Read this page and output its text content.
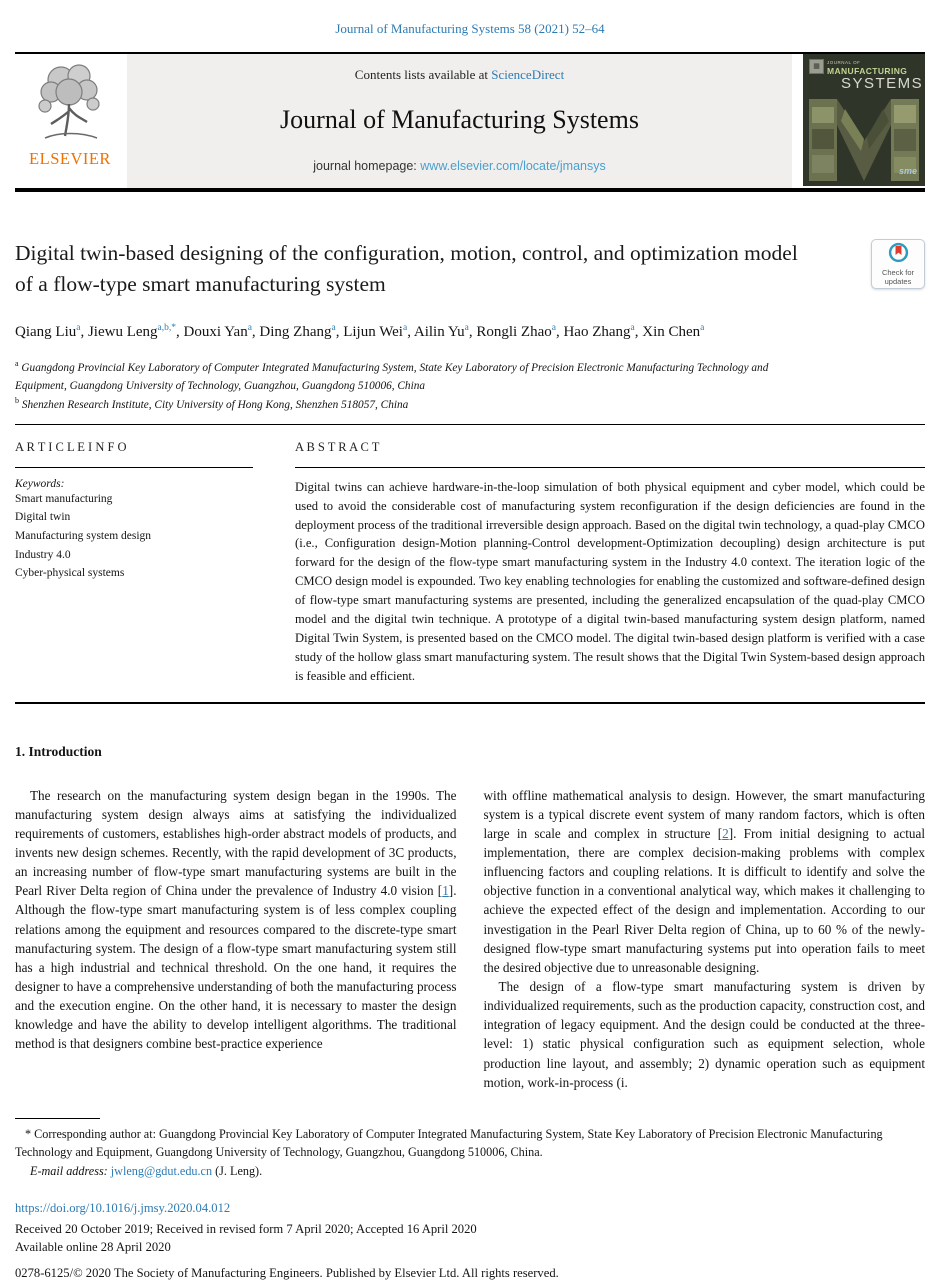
Journal of Manufacturing Systems 58 (2021) 52–64
ELSEVIER
Contents lists available at ScienceDirect
Journal of Manufacturing Systems
journal homepage: www.elsevier.com/locate/jmansys
▦	JOURNAL OF
MANUFACTURING
SYSTEMS
sme
Check for
updates
Digital twin-based designing of the configuration, motion, control, and optimization model of a flow-type smart manufacturing system
Qiang Liu$^a$, Jiewu Leng$^{a,b,*}$, Douxi Yan$^a$, Ding Zhang$^a$, Lijun Wei$^a$, Ailin Yu$^a$, Rongli Zhao$^a$, Hao Zhang$^a$, Xin Chen$^a$
$^a$ Guangdong Provincial Key Laboratory of Computer Integrated Manufacturing System, State Key Laboratory of Precision Electronic Manufacturing Technology and Equipment, Guangdong University of Technology, Guangzhou, Guangdong 510006, China
$^b$ Shenzhen Research Institute, City University of Hong Kong, Shenzhen 518057, China
A R T I C L E I N F O
Keywords:
Smart manufacturing
Digital twin
Manufacturing system design
Industry 4.0
Cyber-physical systems
A B S T R A C T
Digital twins can achieve hardware-in-the-loop simulation of both physical equipment and cyber model, which could be used to avoid the considerable cost of manufacturing system reconfiguration if the design deficiencies are found in the deployment process of the traditional irreversible design approach. Based on the digital twin technology, a quad-play CMCO (i.e., Configuration design-Motion planning-Control development-Optimization decoupling) design architecture is put forward for the design of the flow-type smart manufacturing system in the Industry 4.0 context. The iteration logic of the CMCO design model is expounded. Two key enabling technologies for enabling the customized and software-defined design of flow-type smart manufacturing systems are presented, including the generalized encapsulation of the quad-play CMCO model and the digital twin technique. A prototype of a digital twin-based manufacturing system design platform, named Digital Twin System, is presented based on the CMCO model. The digital twin-based design platform is verified with a case study of the hollow glass smart manufacturing system. The result shows that the Digital Twin System-based design approach is feasible and efficient.
1. Introduction

The research on the manufacturing system design began in the 1990s. The manufacturing system design always aims at satisfying the individualized requirements of customers, establishes high-order abstract models of products, and invents new design schemes. Recently, with the rapid development of 3C products, an increasing number of flow-type smart manufacturing systems are built in the Pearl River Delta region of China under the prevalence of Industry 4.0 vision [1]. Although the flow-type smart manufacturing system is of less complex coupling relations among the equipment and resources compared to the discrete-type smart manufacturing system. The design of a flow-type smart manufacturing system still has a high industrial and technical threshold. On the one hand, it requires the designer to have a comprehensive understanding of both the manufacturing process and the execution engine. On the other hand, it is necessary to master the design knowledge and have the ability to develop intelligent algorithms. The traditional method is that designers combine best-practice experience

with offline mathematical analysis to design. However, the smart manufacturing system is a typical discrete event system of many random factors, which is often large in scale and complex in structure [2]. From initial designing to actual implementation, there are complex decision-making problems with complex influencing factors and coupling relations. It is difficult to identify and solve the objective function in a conventional analytical way, which makes it challenging to achieve the expected effect of the design and implementation. According to our investigation in the Pearl River Delta region of China, up to 60 % of the newly-designed flow-type smart manufacturing systems put into operation fails to meet the desired objective due to unreasonable designing.

The design of a flow-type smart manufacturing system is driven by individualized requirements, such as the production capacity, construction cost, and integration of legacy equipment. And the design could be conducted at the three-level: 1) static physical configuration such as equipment selection, whole production line layout, and assembly; 2) dynamic operation such as equipment motion, work-in-process (i.

* Corresponding author at: Guangdong Provincial Key Laboratory of Computer Integrated Manufacturing System, State Key Laboratory of Precision Electronic Manufacturing Technology and Equipment, Guangdong University of Technology, Guangzhou, Guangdong 510006, China.

E-mail address: jwleng@gdut.edu.cn (J. Leng).

https://doi.org/10.1016/j.jmsy.2020.04.012
Received 20 October 2019; Received in revised form 7 April 2020; Accepted 16 April 2020
Available online 28 April 2020
0278-6125/© 2020 The Society of Manufacturing Engineers. Published by Elsevier Ltd. All rights reserved.
